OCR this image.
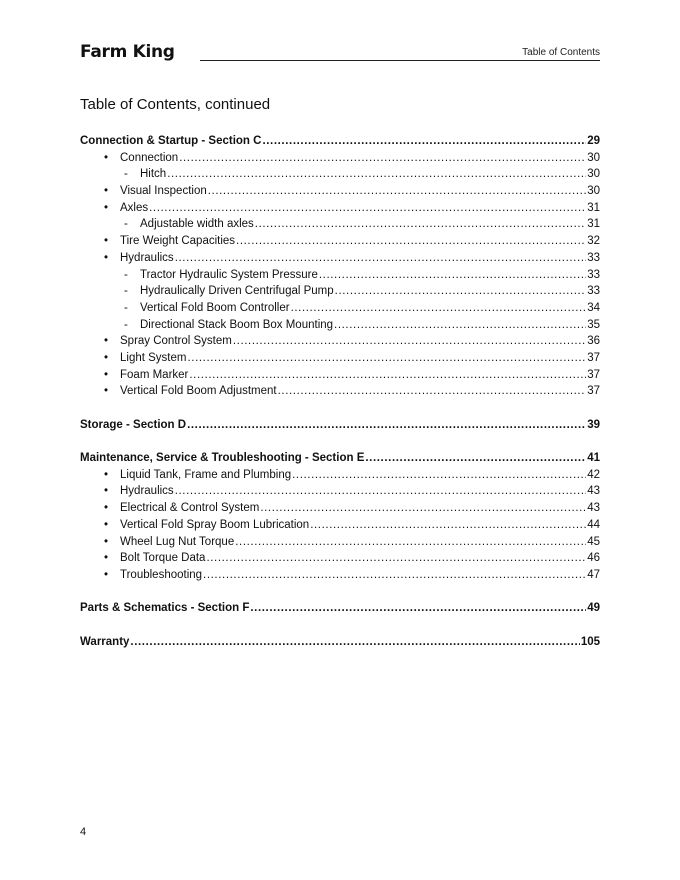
Farm King	Table of Contents
Table of Contents, continued
Connection & Startup - Section C .....	29
• Connection .....	30
- Hitch .....	30
• Visual Inspection .....	30
• Axles .....	31
- Adjustable width axles .....	31
• Tire Weight Capacities .....	32
• Hydraulics .....	33
- Tractor Hydraulic System Pressure .....	33
- Hydraulically Driven Centrifugal Pump .....	33
- Vertical Fold Boom Controller .....	34
- Directional Stack Boom Box Mounting .....	35
• Spray Control System .....	36
• Light System .....	37
• Foam Marker .....	37
• Vertical Fold Boom Adjustment .....	37
Storage - Section D .....	39
Maintenance, Service & Troubleshooting - Section E .....	41
• Liquid Tank, Frame and Plumbing .....	42
• Hydraulics .....	43
• Electrical & Control System .....	43
• Vertical Fold Spray Boom Lubrication .....	44
• Wheel Lug Nut Torque .....	45
• Bolt Torque Data .....	46
• Troubleshooting .....	47
Parts & Schematics - Section F .....	49
Warranty .....	105
4
